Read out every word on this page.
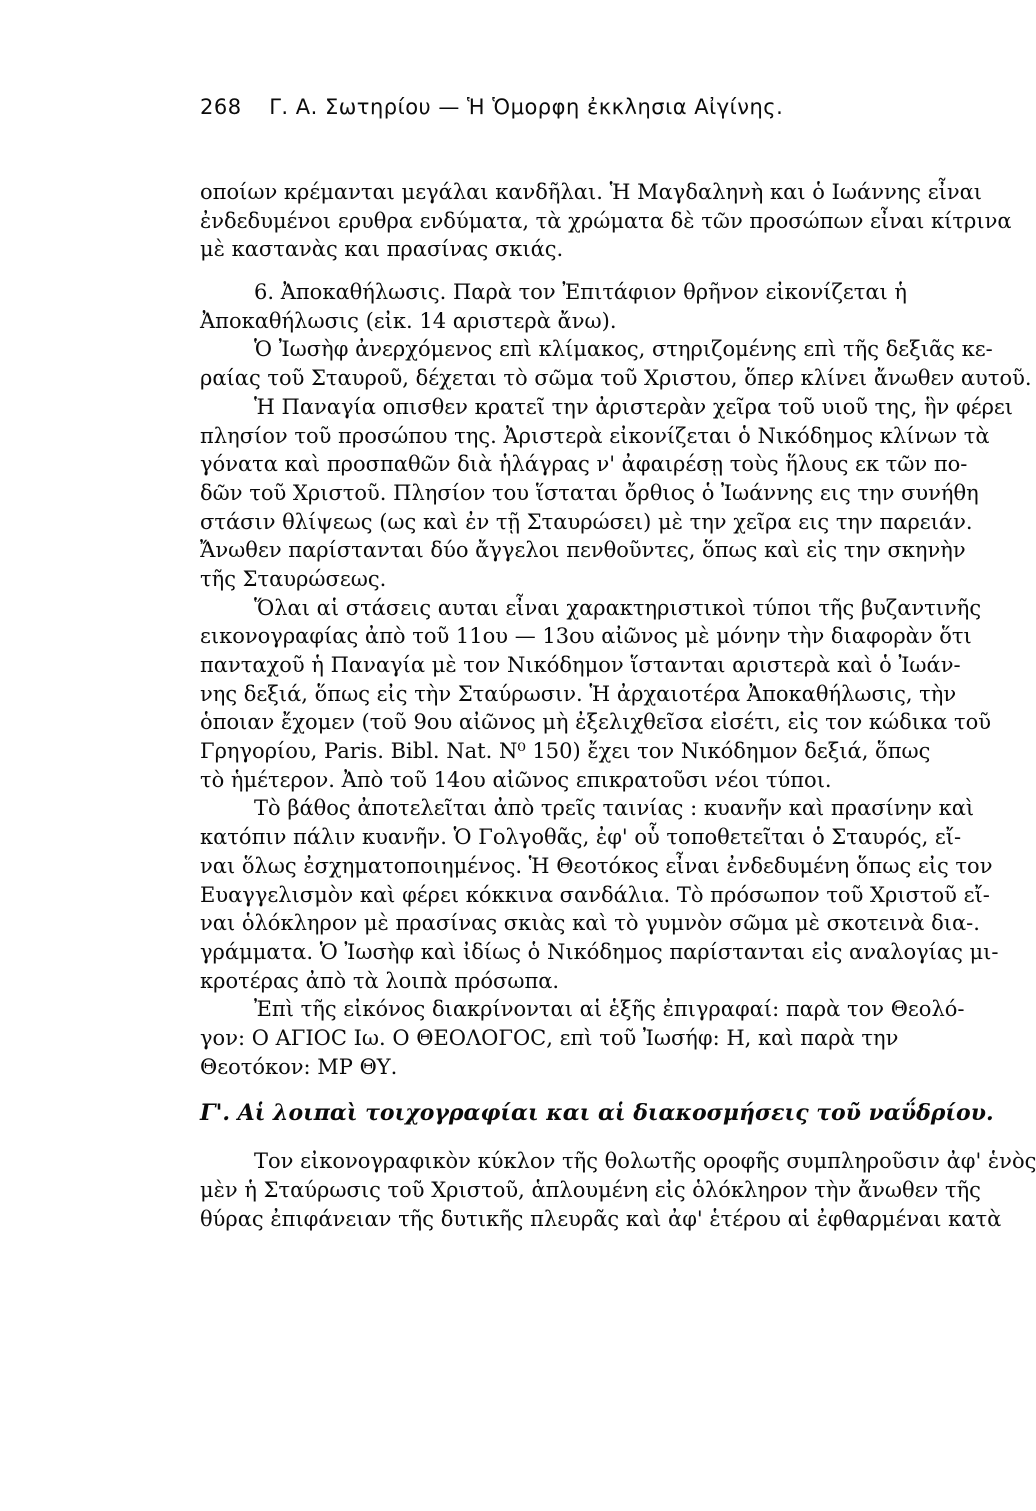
268 Γ. Α. Σωτηρίου — Ἡ Ὁμορφη ἐκκλησια Αἰγίνης.
οποίων κρέμανται μεγάλαι κανδῆλαι. Ἡ Μαγδαληνὴ και ὁ Ιωάννης εἶναι
ἐνδεδυμένοι ερυθρα ενδύματα, τὰ χρώματα δὲ τῶν προσώπων εἶναι κίτρινα
μὲ καστανὰς και πρασίνας σκιάς.
6. Ἀποκαθήλωσις. Παρὰ τον Ἐπιτάφιον θρῆνον εἰκονίζεται ἡ
Ἀποκαθήλωσις (εἰκ. 14 αριστερὰ ἄνω).
Ὁ Ἰωσὴφ ἀνερχόμενος επὶ κλίμακος, στηριζομένης επὶ τῆς δεξιᾶς κε-
ραίας τοῦ Σταυροῦ, δέχεται τὸ σῶμα τοῦ Χριστου, ὅπερ κλίνει ἄνωθεν αυτοῦ.
Ἡ Παναγία οπισθεν κρατεῖ την ἀριστερὰν χεῖρα τοῦ υιοῦ της, ἣν φέρει
πλησίον τοῦ προσώπου της. Ἀριστερὰ εἰκονίζεται ὁ Νικόδημος κλίνων τὰ
γόνατα καὶ προσπαθῶν διὰ ἡλάγρας ν' ἀφαιρέσῃ τοὺς ἥλους εκ τῶν πο-
δῶν τοῦ Χριστοῦ. Πλησίον του ἵσταται ὄρθιος ὁ Ἰωάννης εις την συνήθη
στάσιν θλίψεως (ως καὶ ἐν τῇ Σταυρώσει) μὲ την χεῖρα εις την παρειάν.
Ἄνωθεν παρίστανται δύο ἄγγελοι πενθοῦντες, ὅπως καὶ εἰς την σκηνὴν
τῆς Σταυρώσεως.
Ὅλαι αἱ στάσεις αυται εἶναι χαρακτηριστικοὶ τύποι τῆς βυζαντινῆς
εικονογραφίας ἀπὸ τοῦ 11ου — 13ου αἰῶνος μὲ μόνην τὴν διαφορὰν ὅτι
πανταχοῦ ἡ Παναγία μὲ τον Νικόδημον ἵστανται αριστερὰ καὶ ὁ Ἰωάν-
νης δεξιά, ὅπως εἰς τὴν Σταύρωσιν. Ἡ ἀρχαιοτέρα Ἀποκαθήλωσις, τὴν
ὁποιαν ἔχομεν (τοῦ 9ου αἰῶνος μὴ ἐξελιχθεῖσα εἰσέτι, εἰς τον κώδικα τοῦ
Γρηγορίου, Paris. Bibl. Nat. N⁰ 150) ἔχει τον Νικόδημον δεξιά, ὅπως
τὸ ἡμέτερον. Ἀπὸ τοῦ 14ου αἰῶνος επικρατοῦσι νέοι τύποι.
Τὸ βάθος ἀποτελεῖται ἀπὸ τρεῖς ταινίας : κυανῆν καὶ πρασίνην καὶ
κατόπιν πάλιν κυανῆν. Ὁ Γολγοθᾶς, ἐφ' οὗ τοποθετεῖται ὁ Σταυρός, εἴ-
ναι ὅλως ἐσχηματοποιημένος. Ἡ Θεοτόκος εἶναι ἐνδεδυμένη ὅπως εἰς τον
Ευαγγελισμὸν καὶ φέρει κόκκινα σανδάλια. Τὸ πρόσωπον τοῦ Χριστοῦ εἴ-
ναι ὁλόκληρον μὲ πρασίνας σκιὰς καὶ τὸ γυμνὸν σῶμα μὲ σκοτεινὰ δια-.
γράμματα. Ὁ Ἰωσὴφ καὶ ἰδίως ὁ Νικόδημος παρίστανται εἰς αναλογίας μι-
κροτέρας ἀπὸ τὰ λοιπὰ πρόσωπα.
Ἐπὶ τῆς εἰκόνος διακρίνονται αἱ ἑξῆς ἐπιγραφαί: παρὰ τον Θεολό-
γον: Ο ΑΓΙΟϹ Ιω. Ο ΘΕΟΛΟΓΟϹ, επὶ τοῦ Ἰωσήφ: Η, καὶ παρὰ την
Θεοτόκον: ΜΡ ΘΥ.
Γ'. Αἱ λοιπαὶ τοιχογραφίαι και αἱ διακοσμήσεις τοῦ ναΰδρίου.
Τον εἰκονογραφικὸν κύκλον τῆς θολωτῆς οροφῆς συμπληροῦσιν ἀφ' ἑνὸς
μὲν ἡ Σταύρωσις τοῦ Χριστοῦ, ἁπλουμένη εἰς ὁλόκληρον τὴν ἄνωθεν τῆς
θύρας ἐπιφάνειαν τῆς δυτικῆς πλευρᾶς καὶ ἀφ' ἑτέρου αἱ ἐφθαρμέναι κατὰ
